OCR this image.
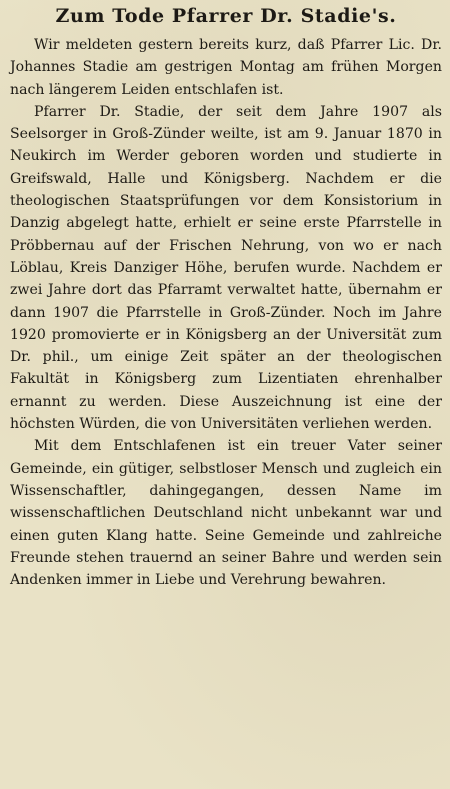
Zum Tode Pfarrer Dr. Stadie's.

Wir meldeten gestern bereits kurz, daß Pfarrer Lic. Dr. Johannes Stadie am gestrigen Montag am frühen Morgen nach längerem Leiden entschlafen ist.

Pfarrer Dr. Stadie, der seit dem Jahre 1907 als Seelsorger in Groß-Zünder weilte, ist am 9. Januar 1870 in Neukirch im Werder geboren worden und studierte in Greifswald, Halle und Königsberg. Nachdem er die theologischen Staatsprüfungen vor dem Konsistorium in Danzig abgelegt hatte, erhielt er seine erste Pfarrstelle in Pröbbernau auf der Frischen Nehrung, von wo er nach Löblau, Kreis Danziger Höhe, berufen wurde. Nachdem er zwei Jahre dort das Pfarramt verwaltet hatte, übernahm er dann 1907 die Pfarrstelle in Groß-Zünder. Noch im Jahre 1920 promovierte er in Königsberg an der Universität zum Dr. phil., um einige Zeit später an der theologischen Fakultät in Königsberg zum Lizentiaten ehrenhalber ernannt zu werden. Diese Auszeichnung ist eine der höchsten Würden, die von Universitäten verliehen werden.

Mit dem Entschlafenen ist ein treuer Vater seiner Gemeinde, ein gütiger, selbstloser Mensch und zugleich ein Wissenschaftler, dahingegangen, dessen Name im wissenschaftlichen Deutschland nicht unbekannt war und einen guten Klang hatte. Seine Gemeinde und zahlreiche Freunde stehen trauernd an seiner Bahre und werden sein Andenken immer in Liebe und Verehrung bewahren.
